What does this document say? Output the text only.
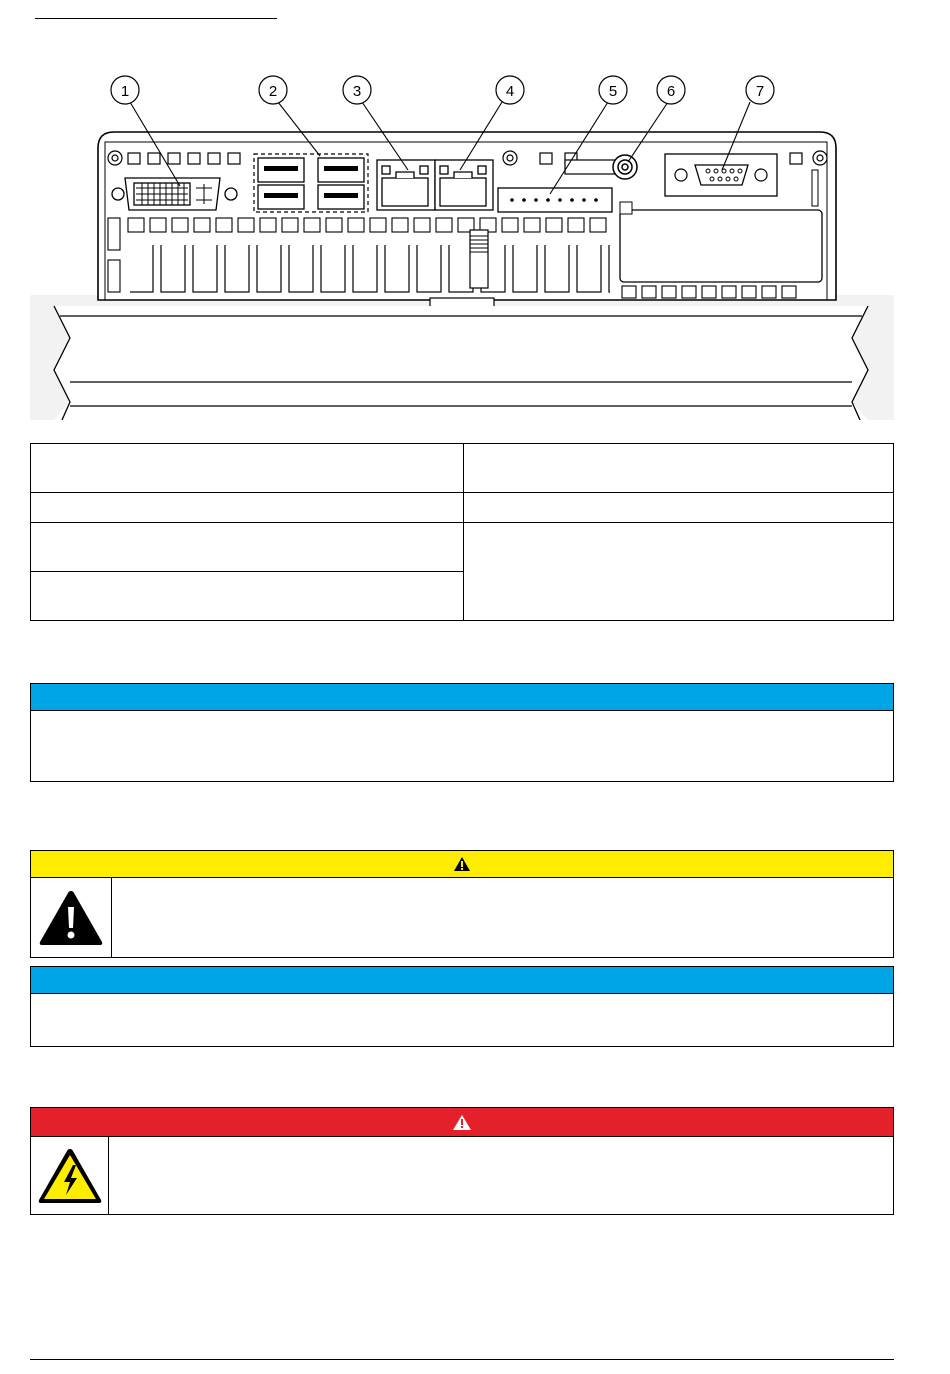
1	2	3	4	5	6	7
